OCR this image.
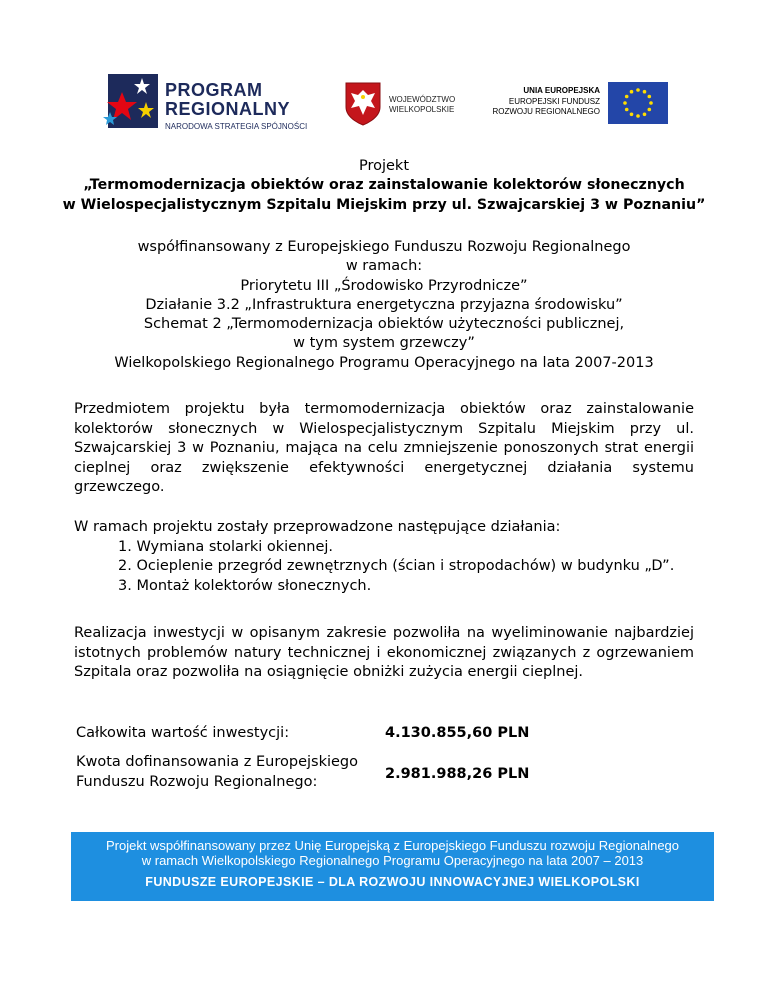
PROGRAM
REGIONALNY
NARODOWA STRATEGIA SPÓJNOŚCI
WOJEWÓDZTWO
WIELKOPOLSKIE
UNIA EUROPEJSKA
EUROPEJSKI FUNDUSZ
ROZWOJU REGIONALNEGO
Projekt
„Termomodernizacja obiektów oraz zainstalowanie kolektorów słonecznych
w Wielospecjalistycznym Szpitalu Miejskim przy ul. Szwajcarskiej 3 w Poznaniu”
współfinansowany z Europejskiego Funduszu Rozwoju Regionalnego
w ramach:
Priorytetu III „Środowisko Przyrodnicze”
Działanie 3.2 „Infrastruktura energetyczna przyjazna środowisku”
Schemat 2 „Termomodernizacja obiektów użyteczności publicznej,
w tym system grzewczy”
Wielkopolskiego Regionalnego Programu Operacyjnego na lata 2007-2013
Przedmiotem projektu była termomodernizacja obiektów oraz zainstalowanie kolektorów słonecznych w Wielospecjalistycznym Szpitalu Miejskim przy ul. Szwajcarskiej 3 w Poznaniu, mająca na celu zmniejszenie ponoszonych strat energii cieplnej oraz zwiększenie efektywności energetycznej działania systemu grzewczego.
W ramach projektu zostały przeprowadzone następujące działania:
1. Wymiana stolarki okiennej.
2. Ocieplenie przegród zewnętrznych (ścian i stropodachów) w budynku „D”.
3. Montaż kolektorów słonecznych.
Realizacja inwestycji w opisanym zakresie pozwoliła na wyeliminowanie najbardziej istotnych problemów natury technicznej i ekonomicznej związanych z ogrzewaniem Szpitala oraz pozwoliła na osiągnięcie obniżki zużycia energii cieplnej.
Całkowita wartość inwestycji:	4.130.855,60 PLN
Kwota dofinansowania z Europejskiego Funduszu Rozwoju Regionalnego:	2.981.988,26 PLN
Projekt współfinansowany przez Unię Europejską z Europejskiego Funduszu rozwoju Regionalnego
w ramach Wielkopolskiego Regionalnego Programu Operacyjnego na lata 2007 – 2013
FUNDUSZE EUROPEJSKIE – DLA ROZWOJU INNOWACYJNEJ WIELKOPOLSKI
